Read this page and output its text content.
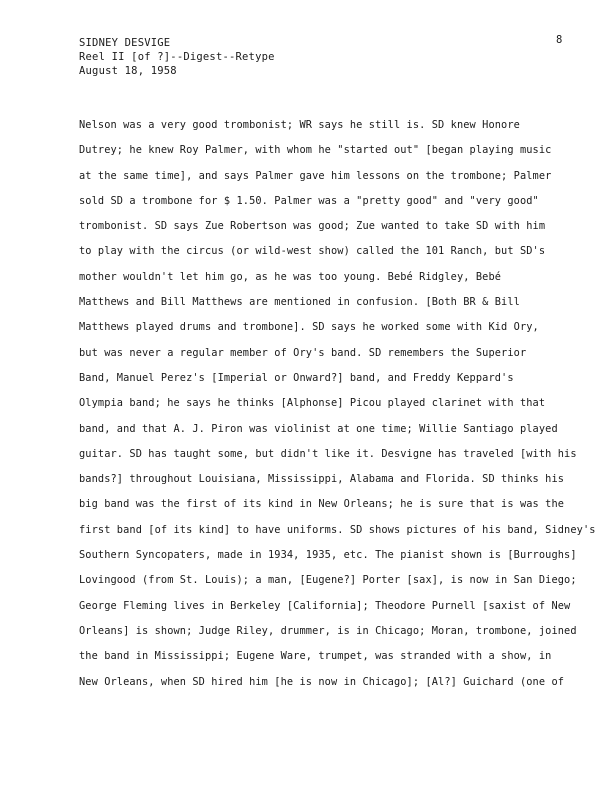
SIDNEY DESVIGE
Reel II [of ?]--Digest--Retype
August 18, 1958
8
Nelson was a very good trombonist; WR says he still is. SD knew Honore
Dutrey; he knew Roy Palmer, with whom he "started out" [began playing music
at the same time], and says Palmer gave him lessons on the trombone; Palmer
sold SD a trombone for $ 1.50. Palmer was a "pretty good" and "very good"
trombonist. SD says Zue Robertson was good; Zue wanted to take SD with him
to play with the circus (or wild-west show) called the 101 Ranch, but SD's
mother wouldn't let him go, as he was too young. Bebé Ridgley, Bebé
Matthews and Bill Matthews are mentioned in confusion. [Both BR & Bill
Matthews played drums and trombone]. SD says he worked some with Kid Ory,
but was never a regular member of Ory's band. SD remembers the Superior
Band, Manuel Perez's [Imperial or Onward?] band, and Freddy Keppard's
Olympia band; he says he thinks [Alphonse] Picou played clarinet with that
band, and that A. J. Piron was violinist at one time; Willie Santiago played
guitar. SD has taught some, but didn't like it. Desvigne has traveled [with his
bands?] throughout Louisiana, Mississippi, Alabama and Florida. SD thinks his
big band was the first of its kind in New Orleans; he is sure that is was the
first band [of its kind] to have uniforms. SD shows pictures of his band, Sidney's
Southern Syncopaters, made in 1934, 1935, etc. The pianist shown is [Burroughs]
Lovingood (from St. Louis); a man, [Eugene?] Porter [sax], is now in San Diego;
George Fleming lives in Berkeley [California]; Theodore Purnell [saxist of New
Orleans] is shown; Judge Riley, drummer, is in Chicago; Moran, trombone, joined
the band in Mississippi; Eugene Ware, trumpet, was stranded with a show, in
New Orleans, when SD hired him [he is now in Chicago]; [Al?] Guichard (one of
